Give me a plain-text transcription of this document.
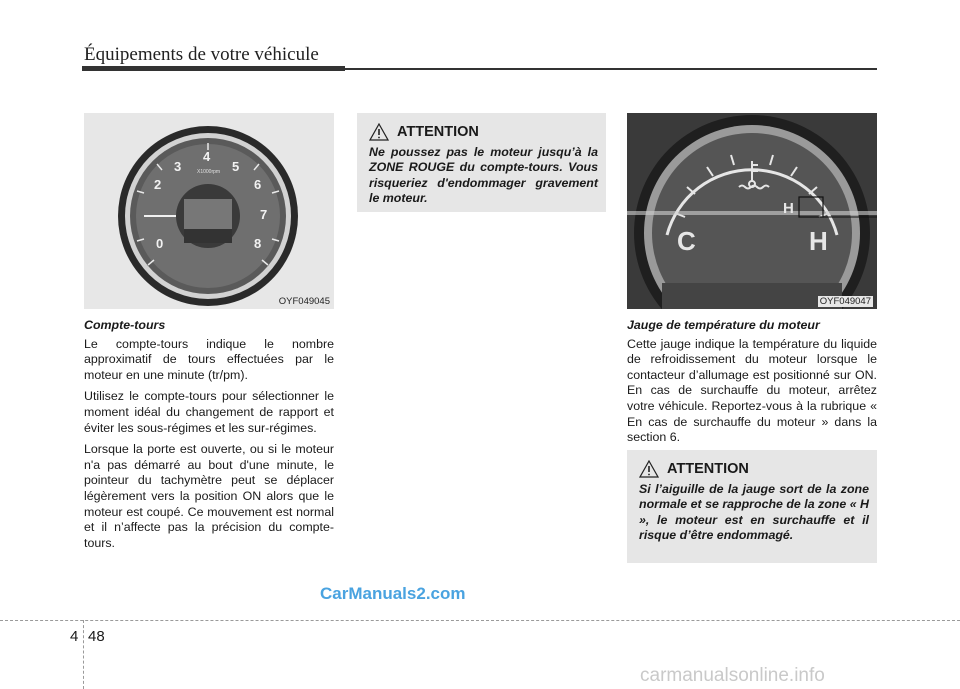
Équipements de votre véhicule
0
2
3
4
5
6
7
8
X1000rpm
OYF049045

Compte-tours

Le compte-tours indique le nombre approximatif de tours effectuées par le moteur en une minute (tr/pm).

Utilisez le compte-tours pour sélectionner le moment idéal du changement de rapport et éviter les sous-régimes et les sur-régimes.

Lorsque la porte est ouverte, ou si le moteur n'a pas démarré au bout d'une minute, le pointeur du tachymètre peut se déplacer légèrement vers la position ON alors que le moteur est coupé. Ce mouvement est normal et il n’affecte pas la précision du compte-tours.

ATTENTION
Ne poussez pas le moteur jusqu’à la ZONE ROUGE du compte-tours. Vous risqueriez d'endommager gravement le moteur.
C	H
H
OYF049047

Jauge de température du moteur

Cette jauge indique la température du liquide de refroidissement du moteur lorsque le contacteur d’allumage est positionné sur ON. En cas de surchauffe du moteur, arrêtez votre véhicule. Reportez-vous à la rubrique « En cas de surchauffe du moteur » dans la section 6.

ATTENTION
Si l’aiguille de la jauge sort de la zone normale et se rapproche de la zone « H », le moteur est en surchauffe et il risque d’être endommagé.
CarManuals2.com
4 48
carmanualsonline.info
